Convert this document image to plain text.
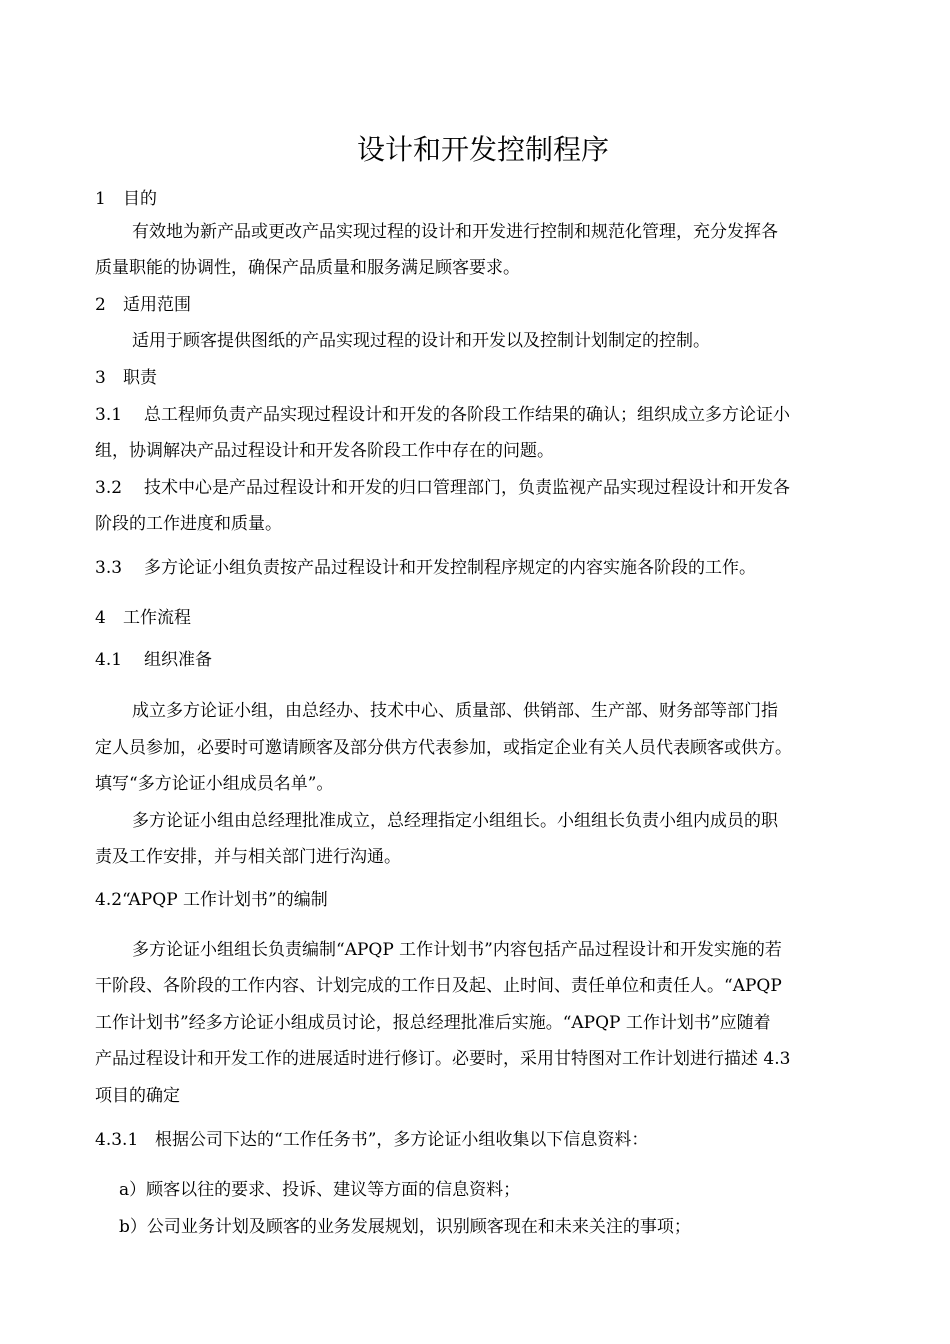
设计和开发控制程序
1 目的
有效地为新产品或更改产品实现过程的设计和开发进行控制和规范化管理，充分发挥各
质量职能的协调性，确保产品质量和服务满足顾客要求。
2 适用范围
适用于顾客提供图纸的产品实现过程的设计和开发以及控制计划制定的控制。
3 职责
3.1 总工程师负责产品实现过程设计和开发的各阶段工作结果的确认；组织成立多方论证小
组，协调解决产品过程设计和开发各阶段工作中存在的问题。
3.2 技术中心是产品过程设计和开发的归口管理部门，负责监视产品实现过程设计和开发各
阶段的工作进度和质量。
3.3 多方论证小组负责按产品过程设计和开发控制程序规定的内容实施各阶段的工作。
4 工作流程
4.1 组织准备
成立多方论证小组，由总经办、技术中心、质量部、供销部、生产部、财务部等部门指
定人员参加，必要时可邀请顾客及部分供方代表参加，或指定企业有关人员代表顾客或供方。
填写“多方论证小组成员名单”。
多方论证小组由总经理批准成立，总经理指定小组组长。小组组长负责小组内成员的职
责及工作安排，并与相关部门进行沟通。
4.2“APQP 工作计划书”的编制
多方论证小组组长负责编制“APQP 工作计划书”内容包括产品过程设计和开发实施的若
干阶段、各阶段的工作内容、计划完成的工作日及起、止时间、责任单位和责任人。“APQP
工作计划书”经多方论证小组成员讨论，报总经理批准后实施。“APQP 工作计划书”应随着
产品过程设计和开发工作的进展适时进行修订。必要时，采用甘特图对工作计划进行描述 4.3
项目的确定
4.3.1 根据公司下达的“工作任务书”，多方论证小组收集以下信息资料：
a）顾客以往的要求、投诉、建议等方面的信息资料；
b）公司业务计划及顾客的业务发展规划，识别顾客现在和未来关注的事项；
